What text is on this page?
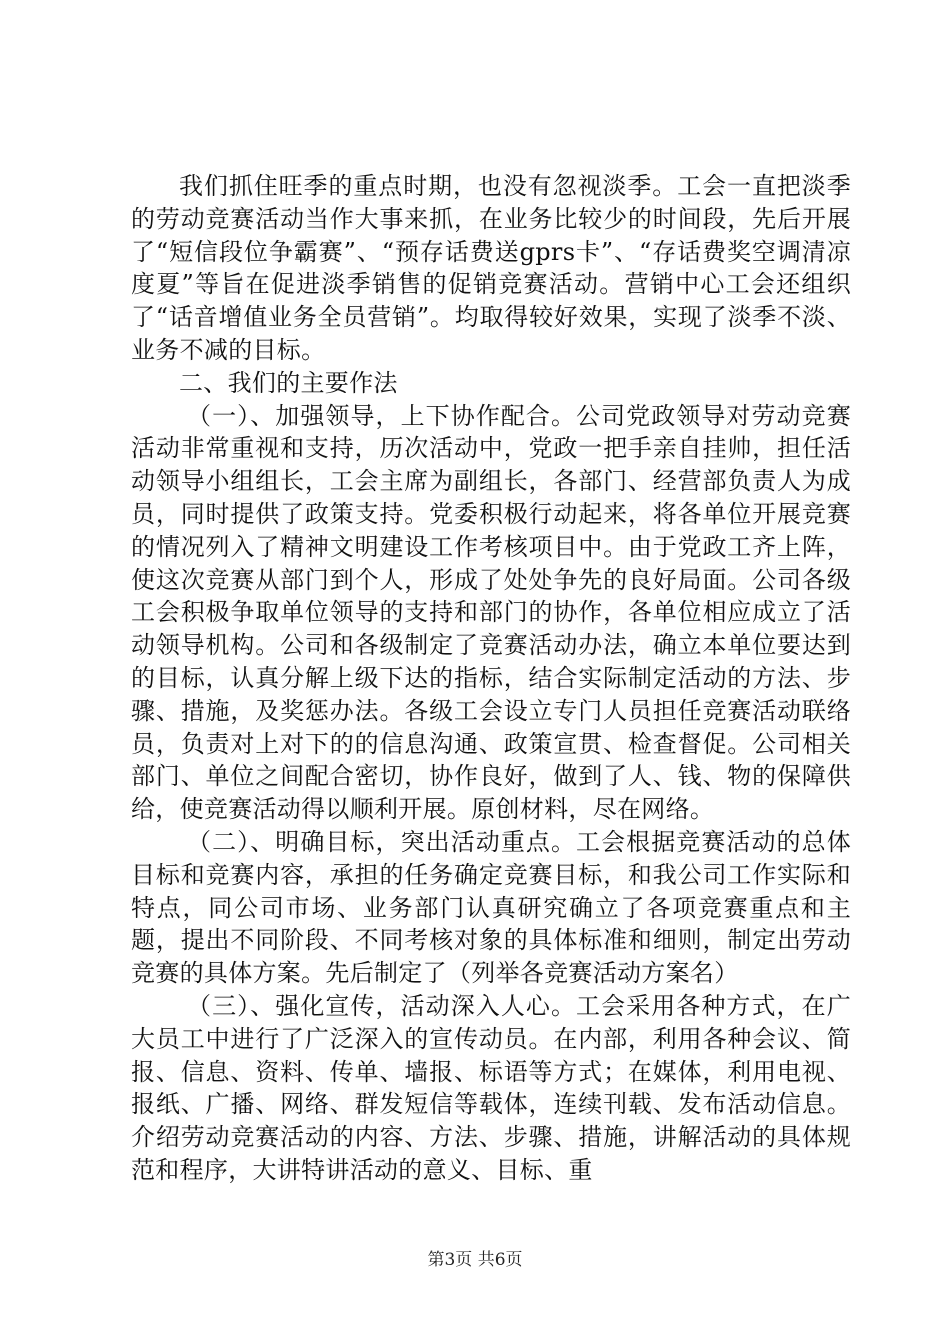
我们抓住旺季的重点时期，也没有忽视淡季。工会一直把淡季的劳动竞赛活动当作大事来抓，在业务比较少的时间段，先后开展了“短信段位争霸赛”、“预存话费送gprs卡”、“存话费奖空调清凉度夏”等旨在促进淡季销售的促销竞赛活动。营销中心工会还组织了“话音增值业务全员营销”。均取得较好效果，实现了淡季不淡、业务不减的目标。

二、我们的主要作法

（一）、加强领导，上下协作配合。公司党政领导对劳动竞赛活动非常重视和支持，历次活动中，党政一把手亲自挂帅，担任活动领导小组组长，工会主席为副组长，各部门、经营部负责人为成员，同时提供了政策支持。党委积极行动起来，将各单位开展竞赛的情况列入了精神文明建设工作考核项目中。由于党政工齐上阵，使这次竞赛从部门到个人，形成了处处争先的良好局面。公司各级工会积极争取单位领导的支持和部门的协作，各单位相应成立了活动领导机构。公司和各级制定了竞赛活动办法，确立本单位要达到的目标，认真分解上级下达的指标，结合实际制定活动的方法、步骤、措施，及奖惩办法。各级工会设立专门人员担任竞赛活动联络员，负责对上对下的的信息沟通、政策宣贯、检查督促。公司相关部门、单位之间配合密切，协作良好，做到了人、钱、物的保障供给，使竞赛活动得以顺利开展。原创材料，尽在网络。

（二）、明确目标，突出活动重点。工会根据竞赛活动的总体目标和竞赛内容，承担的任务确定竞赛目标，和我公司工作实际和特点，同公司市场、业务部门认真研究确立了各项竞赛重点和主题，提出不同阶段、不同考核对象的具体标准和细则，制定出劳动竞赛的具体方案。先后制定了（列举各竞赛活动方案名）

（三）、强化宣传，活动深入人心。工会采用各种方式，在广大员工中进行了广泛深入的宣传动员。在内部，利用各种会议、简报、信息、资料、传单、墙报、标语等方式；在媒体，利用电视、报纸、广播、网络、群发短信等载体，连续刊载、发布活动信息。介绍劳动竞赛活动的内容、方法、步骤、措施，讲解活动的具体规范和程序，大讲特讲活动的意义、目标、重

第3页 共6页
